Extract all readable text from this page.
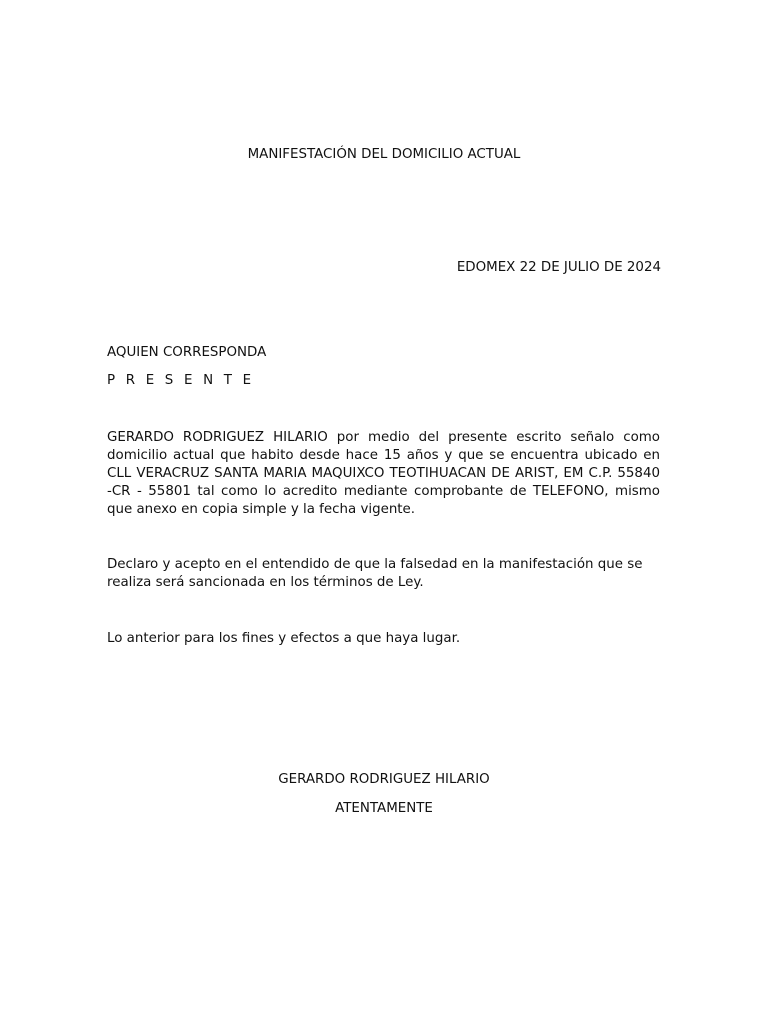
MANIFESTACIÓN DEL DOMICILIO ACTUAL
EDOMEX 22 DE JULIO DE 2024
AQUIEN CORRESPONDA
P R E S E N T E
GERARDO RODRIGUEZ HILARIO por medio del presente escrito señalo como domicilio actual que habito desde hace 15 años y que se encuentra ubicado en CLL VERACRUZ SANTA MARIA MAQUIXCO TEOTIHUACAN DE ARIST, EM C.P. 55840 -CR - 55801 tal como lo acredito mediante comprobante de TELEFONO, mismo que anexo en copia simple y la fecha vigente.
Declaro y acepto en el entendido de que la falsedad en la manifestación que se realiza será sancionada en los términos de Ley.
Lo anterior para los fines y efectos a que haya lugar.
GERARDO RODRIGUEZ HILARIO
ATENTAMENTE
